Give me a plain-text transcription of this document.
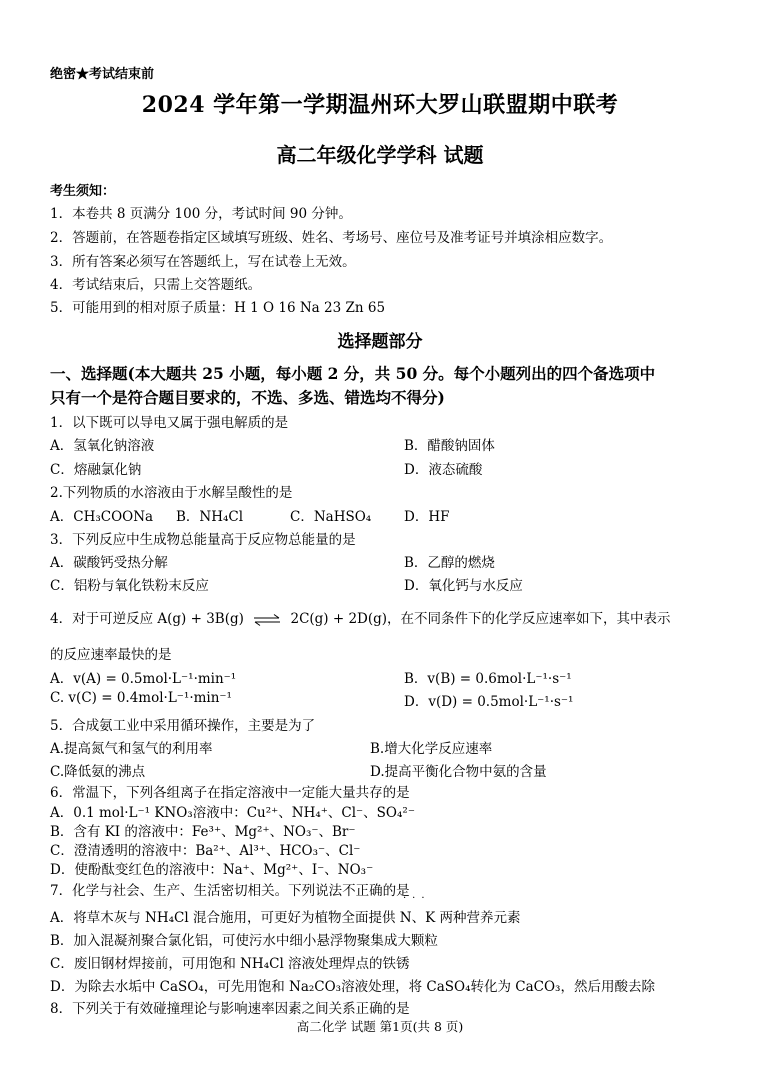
绝密★考试结束前
2024 学年第一学期温州环大罗山联盟期中联考
高二年级化学学科 试题
考生须知：
1．本卷共 8 页满分 100 分，考试时间 90 分钟。
2．答题前，在答题卷指定区域填写班级、姓名、考场号、座位号及准考证号并填涂相应数字。
3．所有答案必须写在答题纸上，写在试卷上无效。
4．考试结束后，只需上交答题纸。
5．可能用到的相对原子质量：H 1 O 16 Na 23 Zn 65
选择题部分
一、选择题(本大题共 25 小题，每小题 2 分，共 50 分。每个小题列出的四个备选项中
只有一个是符合题目要求的，不选、多选、错选均不得分)
1．以下既可以导电又属于强电解质的是
A．氢氧化钠溶液	B．醋酸钠固体
C．熔融氯化钠	D．液态硫酸
2.下列物质的水溶液由于水解呈酸性的是
A．CH₃COONa B．NH₄Cl	C．NaHSO₄ D．HF
3．下列反应中生成物总能量高于反应物总能量的是
A．碳酸钙受热分解	B．乙醇的燃烧
C．铝粉与氧化铁粉末反应	D．氧化钙与水反应
4．对于可逆反应 A(g) + 3B(g) ⇌ 2C(g) + 2D(g)，在不同条件下的化学反应速率如下，其中表示
的反应速率最快的是
A．v(A) = 0.5mol·L⁻¹·min⁻¹	B．v(B) = 0.6mol·L⁻¹·s⁻¹
C. v(C) = 0.4mol·L⁻¹·min⁻¹	D．v(D) = 0.5mol·L⁻¹·s⁻¹
5．合成氨工业中采用循环操作，主要是为了
A.提高氮气和氢气的利用率	B.增大化学反应速率
C.降低氨的沸点	D.提高平衡化合物中氨的含量
6．常温下，下列各组离子在指定溶液中一定能大量共存的是
A．0.1 mol·L⁻¹ KNO₃溶液中：Cu²⁺、NH₄⁺、Cl⁻、SO₄²⁻
B．含有 KI 的溶液中：Fe³⁺、Mg²⁺、NO₃⁻、Br⁻
C．澄清透明的溶液中：Ba²⁺、Al³⁺、HCO₃⁻、Cl⁻
D．使酚酞变红色的溶液中：Na⁺、Mg²⁺、I⁻、NO₃⁻
7．化学与社会、生产、生活密切相关。下列说法不正确的是
···
A．将草木灰与 NH₄Cl 混合施用，可更好为植物全面提供 N、K 两种营养元素
B．加入混凝剂聚合氯化铝，可使污水中细小悬浮物聚集成大颗粒
C．废旧钢材焊接前，可用饱和 NH₄Cl 溶液处理焊点的铁锈
D．为除去水垢中 CaSO₄，可先用饱和 Na₂CO₃溶液处理，将 CaSO₄转化为 CaCO₃，然后用酸去除
8．下列关于有效碰撞理论与影响速率因素之间关系正确的是
高二化学 试题 第1页(共 8 页)
